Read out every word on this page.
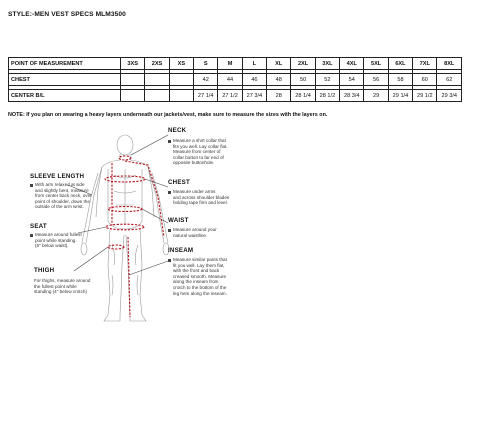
STYLE:-MEN VEST SPECS MLM3500
POINT OF MEASUREMENT	3XS	2XS	XS	S	M	L	XL	2XL	3XL	4XL	5XL	6XL	7XL	8XL

CHEST				42	44	46	48	50	52	54	56	58	60	62

CENTER B/L				27 1/4	27 1/2	27 3/4	28	28 1/4	28 1/2	28 3/4	29	29 1/4	29 1/2	29 3/4
NOTE: If you plan on wearing a heavy layers underneath our jackets/vest, make sure to measure the sizes with the layers on.
NECK
Measure a shirt collar that
fits you well. Lay collar flat.
Measure from center of
collar button to far end of
opposite buttonhole.
SLEEVE LENGTH
With arm relaxed at side
and slightly bent, measure
from center back neck, over
point of shoulder, down the
outside of the arm wrist.
CHEST
Measure under arms
and across shoulder blades
holding tape firm and level.
WAIST
Measure around your
natural waistline.
SEAT
Measure around fullest
point while standing.
(8" below waist).
INSEAM
Measure similar pants that
fit you well. Lay them flat,
with the front and back
creased smooth. Measure
along the inseam from
crotch to the bottom of the
leg hem along the inseam.
THIGH
For thighs, measure around
the fullest point while
standing (4" below crotch)
